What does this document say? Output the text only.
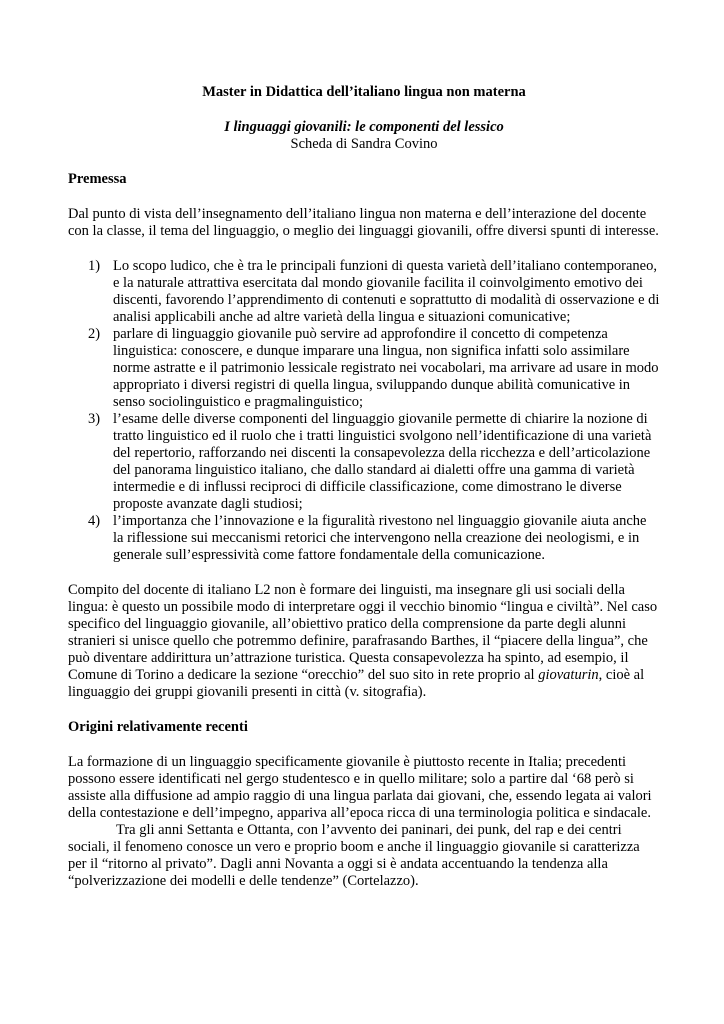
Master in Didattica dell’italiano lingua non materna

I linguaggi giovanili: le componenti del lessico

Scheda di Sandra Covino

Premessa

Dal punto di vista dell’insegnamento dell’italiano lingua non materna e dell’interazione del docente con la classe, il tema del linguaggio, o meglio dei linguaggi giovanili, offre diversi spunti di interesse.

1) Lo scopo ludico, che è tra le principali funzioni di questa varietà dell’italiano contemporaneo, e la naturale attrattiva esercitata dal mondo giovanile facilita il coinvolgimento emotivo dei discenti, favorendo l’apprendimento di contenuti e soprattutto di modalità di osservazione e di analisi applicabili anche ad altre varietà della lingua e situazioni comunicative;
2) parlare di linguaggio giovanile può servire ad approfondire il concetto di competenza linguistica: conoscere, e dunque imparare una lingua, non significa infatti solo assimilare norme astratte e il patrimonio lessicale registrato nei vocabolari, ma arrivare ad usare in modo appropriato i diversi registri di quella lingua, sviluppando dunque abilità comunicative in senso sociolinguistico e pragmalinguistico;
3) l’esame delle diverse componenti del linguaggio giovanile permette di chiarire la nozione di tratto linguistico ed il ruolo che i tratti linguistici svolgono nell’identificazione di una varietà del repertorio, rafforzando nei discenti la consapevolezza della ricchezza e dell’articolazione del panorama linguistico italiano, che dallo standard ai dialetti offre una gamma di varietà intermedie e di influssi reciproci di difficile classificazione, come dimostrano le diverse proposte avanzate dagli studiosi;
4) l’importanza che l’innovazione e la figuralità rivestono nel linguaggio giovanile aiuta anche la riflessione sui meccanismi retorici che intervengono nella creazione dei neologismi, e in generale sull’espressività come fattore fondamentale della comunicazione.

Compito del docente di italiano L2 non è formare dei linguisti, ma insegnare gli usi sociali della lingua: è questo un possibile modo di interpretare oggi il vecchio binomio “lingua e civiltà”. Nel caso specifico del linguaggio giovanile, all’obiettivo pratico della comprensione da parte degli alunni stranieri si unisce quello che potremmo definire, parafrasando Barthes, il “piacere della lingua”, che può diventare addirittura un’attrazione turistica. Questa consapevolezza ha spinto, ad esempio, il Comune di Torino a dedicare la sezione “orecchio” del suo sito in rete proprio al giovaturin, cioè al linguaggio dei gruppi giovanili presenti in città (v. sitografia).

Origini relativamente recenti

La formazione di un linguaggio specificamente giovanile è piuttosto recente in Italia; precedenti possono essere identificati nel gergo studentesco e in quello militare; solo a partire dal ‘68 però si assiste alla diffusione ad ampio raggio di una lingua parlata dai giovani, che, essendo legata ai valori della contestazione e dell’impegno, appariva all’epoca ricca di una terminologia politica e sindacale.

Tra gli anni Settanta e Ottanta, con l’avvento dei paninari, dei punk, del rap e dei centri sociali, il fenomeno conosce un vero e proprio boom e anche il linguaggio giovanile si caratterizza per il “ritorno al privato”. Dagli anni Novanta a oggi si è andata accentuando la tendenza alla “polverizzazione dei modelli e delle tendenze” (Cortelazzo).
